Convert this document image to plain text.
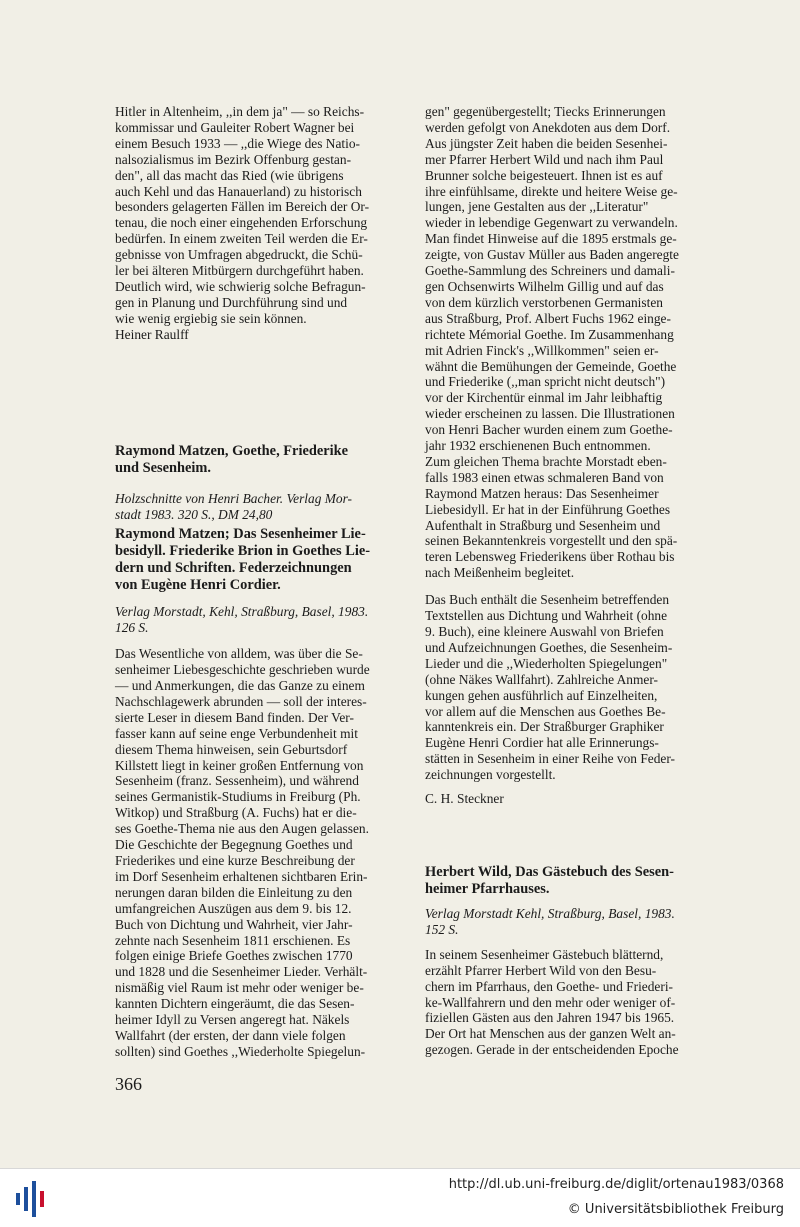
Hitler in Altenheim, ,,in dem ja" — so Reichs-
kommissar und Gauleiter Robert Wagner bei
einem Besuch 1933 — ,,die Wiege des Natio-
nalsozialismus im Bezirk Offenburg gestan-
den", all das macht das Ried (wie übrigens
auch Kehl und das Hanauerland) zu historisch
besonders gelagerten Fällen im Bereich der Or-
tenau, die noch einer eingehenden Erforschung
bedürfen. In einem zweiten Teil werden die Er-
gebnisse von Umfragen abgedruckt, die Schü-
ler bei älteren Mitbürgern durchgeführt haben.
Deutlich wird, wie schwierig solche Befragun-
gen in Planung und Durchführung sind und
wie wenig ergiebig sie sein können.

Heiner Raulff

Raymond Matzen, Goethe, Friederike
und Sesenheim.

Holzschnitte von Henri Bacher. Verlag Mor-
stadt 1983. 320 S., DM 24,80

Raymond Matzen; Das Sesenheimer Lie-
besidyll. Friederike Brion in Goethes Lie-
dern und Schriften. Federzeichnungen
von Eugène Henri Cordier.

Verlag Morstadt, Kehl, Straßburg, Basel, 1983.
126 S.

Das Wesentliche von alldem, was über die Se-
senheimer Liebesgeschichte geschrieben wurde
— und Anmerkungen, die das Ganze zu einem
Nachschlagewerk abrunden — soll der interes-
sierte Leser in diesem Band finden. Der Ver-
fasser kann auf seine enge Verbundenheit mit
diesem Thema hinweisen, sein Geburtsdorf
Killstett liegt in keiner großen Entfernung von
Sesenheim (franz. Sessenheim), und während
seines Germanistik-Studiums in Freiburg (Ph.
Witkop) und Straßburg (A. Fuchs) hat er die-
ses Goethe-Thema nie aus den Augen gelassen.
Die Geschichte der Begegnung Goethes und
Friederikes und eine kurze Beschreibung der
im Dorf Sesenheim erhaltenen sichtbaren Erin-
nerungen daran bilden die Einleitung zu den
umfangreichen Auszügen aus dem 9. bis 12.
Buch von Dichtung und Wahrheit, vier Jahr-
zehnte nach Sesenheim 1811 erschienen. Es
folgen einige Briefe Goethes zwischen 1770
und 1828 und die Sesenheimer Lieder. Verhält-
nismäßig viel Raum ist mehr oder weniger be-
kannten Dichtern eingeräumt, die das Sesen-
heimer Idyll zu Versen angeregt hat. Näkels
Wallfahrt (der ersten, der dann viele folgen
sollten) sind Goethes ,,Wiederholte Spiegelun-

gen" gegenübergestellt; Tiecks Erinnerungen
werden gefolgt von Anekdoten aus dem Dorf.
Aus jüngster Zeit haben die beiden Sesenhei-
mer Pfarrer Herbert Wild und nach ihm Paul
Brunner solche beigesteuert. Ihnen ist es auf
ihre einfühlsame, direkte und heitere Weise ge-
lungen, jene Gestalten aus der ,,Literatur"
wieder in lebendige Gegenwart zu verwandeln.
Man findet Hinweise auf die 1895 erstmals ge-
zeigte, von Gustav Müller aus Baden angeregte
Goethe-Sammlung des Schreiners und damali-
gen Ochsenwirts Wilhelm Gillig und auf das
von dem kürzlich verstorbenen Germanisten
aus Straßburg, Prof. Albert Fuchs 1962 einge-
richtete Mémorial Goethe. Im Zusammenhang
mit Adrien Finck's ,,Willkommen" seien er-
wähnt die Bemühungen der Gemeinde, Goethe
und Friederike (,,man spricht nicht deutsch")
vor der Kirchentür einmal im Jahr leibhaftig
wieder erscheinen zu lassen. Die Illustrationen
von Henri Bacher wurden einem zum Goethe-
jahr 1932 erschienenen Buch entnommen.

Zum gleichen Thema brachte Morstadt eben-
falls 1983 einen etwas schmaleren Band von
Raymond Matzen heraus: Das Sesenheimer
Liebesidyll. Er hat in der Einführung Goethes
Aufenthalt in Straßburg und Sesenheim und
seinen Bekanntenkreis vorgestellt und den spä-
teren Lebensweg Friederikens über Rothau bis
nach Meißenheim begleitet.

Das Buch enthält die Sesenheim betreffenden
Textstellen aus Dichtung und Wahrheit (ohne
9. Buch), eine kleinere Auswahl von Briefen
und Aufzeichnungen Goethes, die Sesenheim-
Lieder und die ,,Wiederholten Spiegelungen"
(ohne Näkes Wallfahrt). Zahlreiche Anmer-
kungen gehen ausführlich auf Einzelheiten,
vor allem auf die Menschen aus Goethes Be-
kanntenkreis ein. Der Straßburger Graphiker
Eugène Henri Cordier hat alle Erinnerungs-
stätten in Sesenheim in einer Reihe von Feder-
zeichnungen vorgestellt.

C. H. Steckner

Herbert Wild, Das Gästebuch des Sesen-
heimer Pfarrhauses.

Verlag Morstadt Kehl, Straßburg, Basel, 1983.
152 S.

In seinem Sesenheimer Gästebuch blätternd,
erzählt Pfarrer Herbert Wild von den Besu-
chern im Pfarrhaus, den Goethe- und Friederi-
ke-Wallfahrern und den mehr oder weniger of-
fiziellen Gästen aus den Jahren 1947 bis 1965.
Der Ort hat Menschen aus der ganzen Welt an-
gezogen. Gerade in der entscheidenden Epoche

366
http://dl.ub.uni-freiburg.de/diglit/ortenau1983/0368
© Universitätsbibliothek Freiburg
